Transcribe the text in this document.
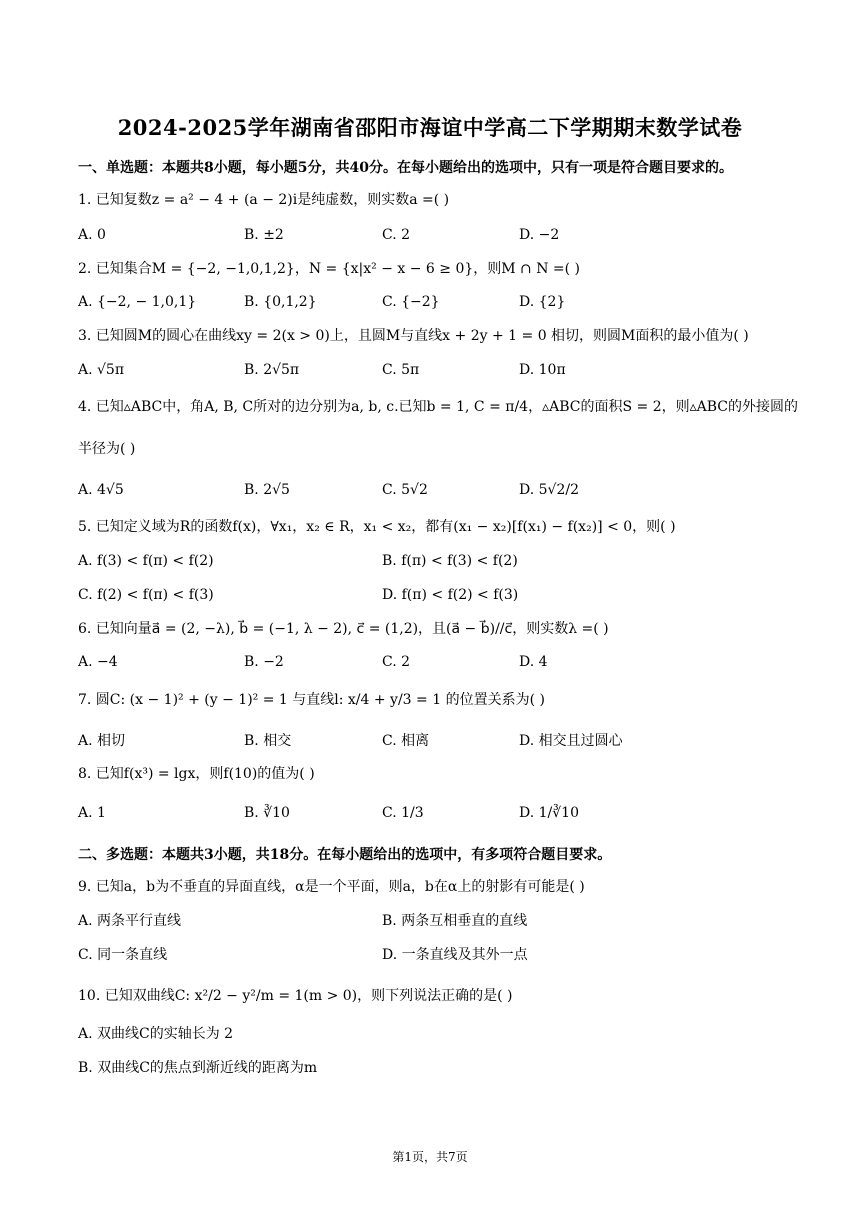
2024-2025学年湖南省邵阳市海谊中学高二下学期期末数学试卷
一、单选题：本题共8小题，每小题5分，共40分。在每小题给出的选项中，只有一项是符合题目要求的。
1. 已知复数z = a² − 4 + (a − 2)i是纯虚数，则实数a =( )
A. 0	B. ±2	C. 2	D. −2
2. 已知集合M = {−2, −1,0,1,2}，N = {x|x² − x − 6 ≥ 0}，则M ∩ N =( )
A. {−2, − 1,0,1}	B. {0,1,2}	C. {−2}	D. {2}
3. 已知圆M的圆心在曲线xy = 2(x > 0)上，且圆M与直线x + 2y + 1 = 0 相切，则圆M面积的最小值为( )
A. √5π	B. 2√5π	C. 5π	D. 10π
4. 已知▵ABC中，角A, B, C所对的边分别为a, b, c.已知b = 1, C = π/4，▵ABC的面积S = 2，则▵ABC的外接圆的
半径为( )
A. 4√5	B. 2√5	C. 5√2	D. 5√2/2
5. 已知定义域为R的函数f(x)，∀x₁，x₂ ∈ R，x₁ < x₂，都有(x₁ − x₂)[f(x₁) − f(x₂)] < 0，则( )
A. f(3) < f(π) < f(2)	B. f(π) < f(3) < f(2)
C. f(2) < f(π) < f(3)	D. f(π) < f(2) < f(3)
6. 已知向量a⃗ = (2, −λ), b⃗ = (−1, λ − 2), c⃗ = (1,2)，且(a⃗ − b⃗)//c⃗，则实数λ =( )
A. −4	B. −2	C. 2	D. 4
7. 圆C: (x − 1)² + (y − 1)² = 1 与直线l: x/4 + y/3 = 1 的位置关系为( )
A. 相切	B. 相交	C. 相离	D. 相交且过圆心
8. 已知f(x³) = lgx，则f(10)的值为( )
A. 1	B. ∛10	C. 1/3	D. 1/∛10
二、多选题：本题共3小题，共18分。在每小题给出的选项中，有多项符合题目要求。
9. 已知a，b为不垂直的异面直线，α是一个平面，则a，b在α上的射影有可能是( )
A. 两条平行直线	B. 两条互相垂直的直线
C. 同一条直线	D. 一条直线及其外一点
10. 已知双曲线C: x²/2 − y²/m = 1(m > 0)，则下列说法正确的是( )
A. 双曲线C的实轴长为 2
B. 双曲线C的焦点到渐近线的距离为m
第1页，共7页
